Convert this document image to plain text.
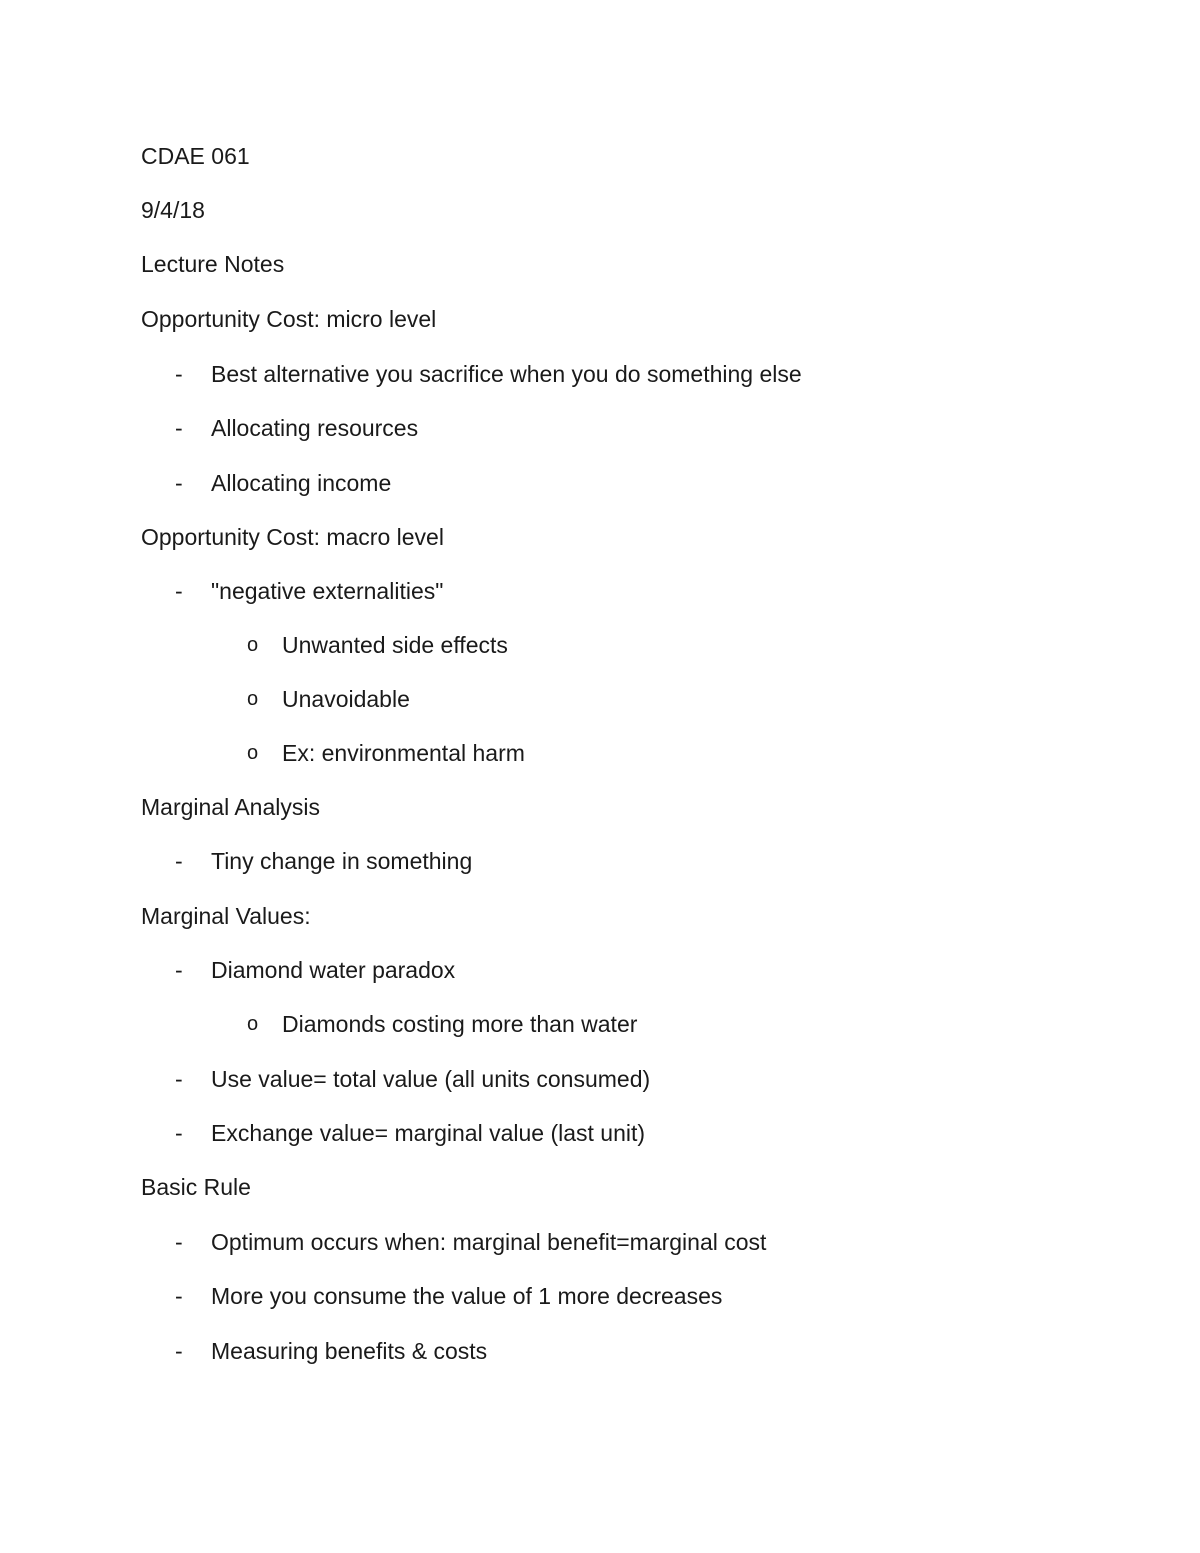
CDAE 061
9/4/18
Lecture Notes
Opportunity Cost: micro level
- Best alternative you sacrifice when you do something else
- Allocating resources
- Allocating income
Opportunity Cost: macro level
- "negative externalities"
o Unwanted side effects
o Unavoidable
o Ex: environmental harm
Marginal Analysis
- Tiny change in something
Marginal Values:
- Diamond water paradox
o Diamonds costing more than water
- Use value= total value (all units consumed)
- Exchange value= marginal value (last unit)
Basic Rule
- Optimum occurs when: marginal benefit=marginal cost
- More you consume the value of 1 more decreases
- Measuring benefits & costs
